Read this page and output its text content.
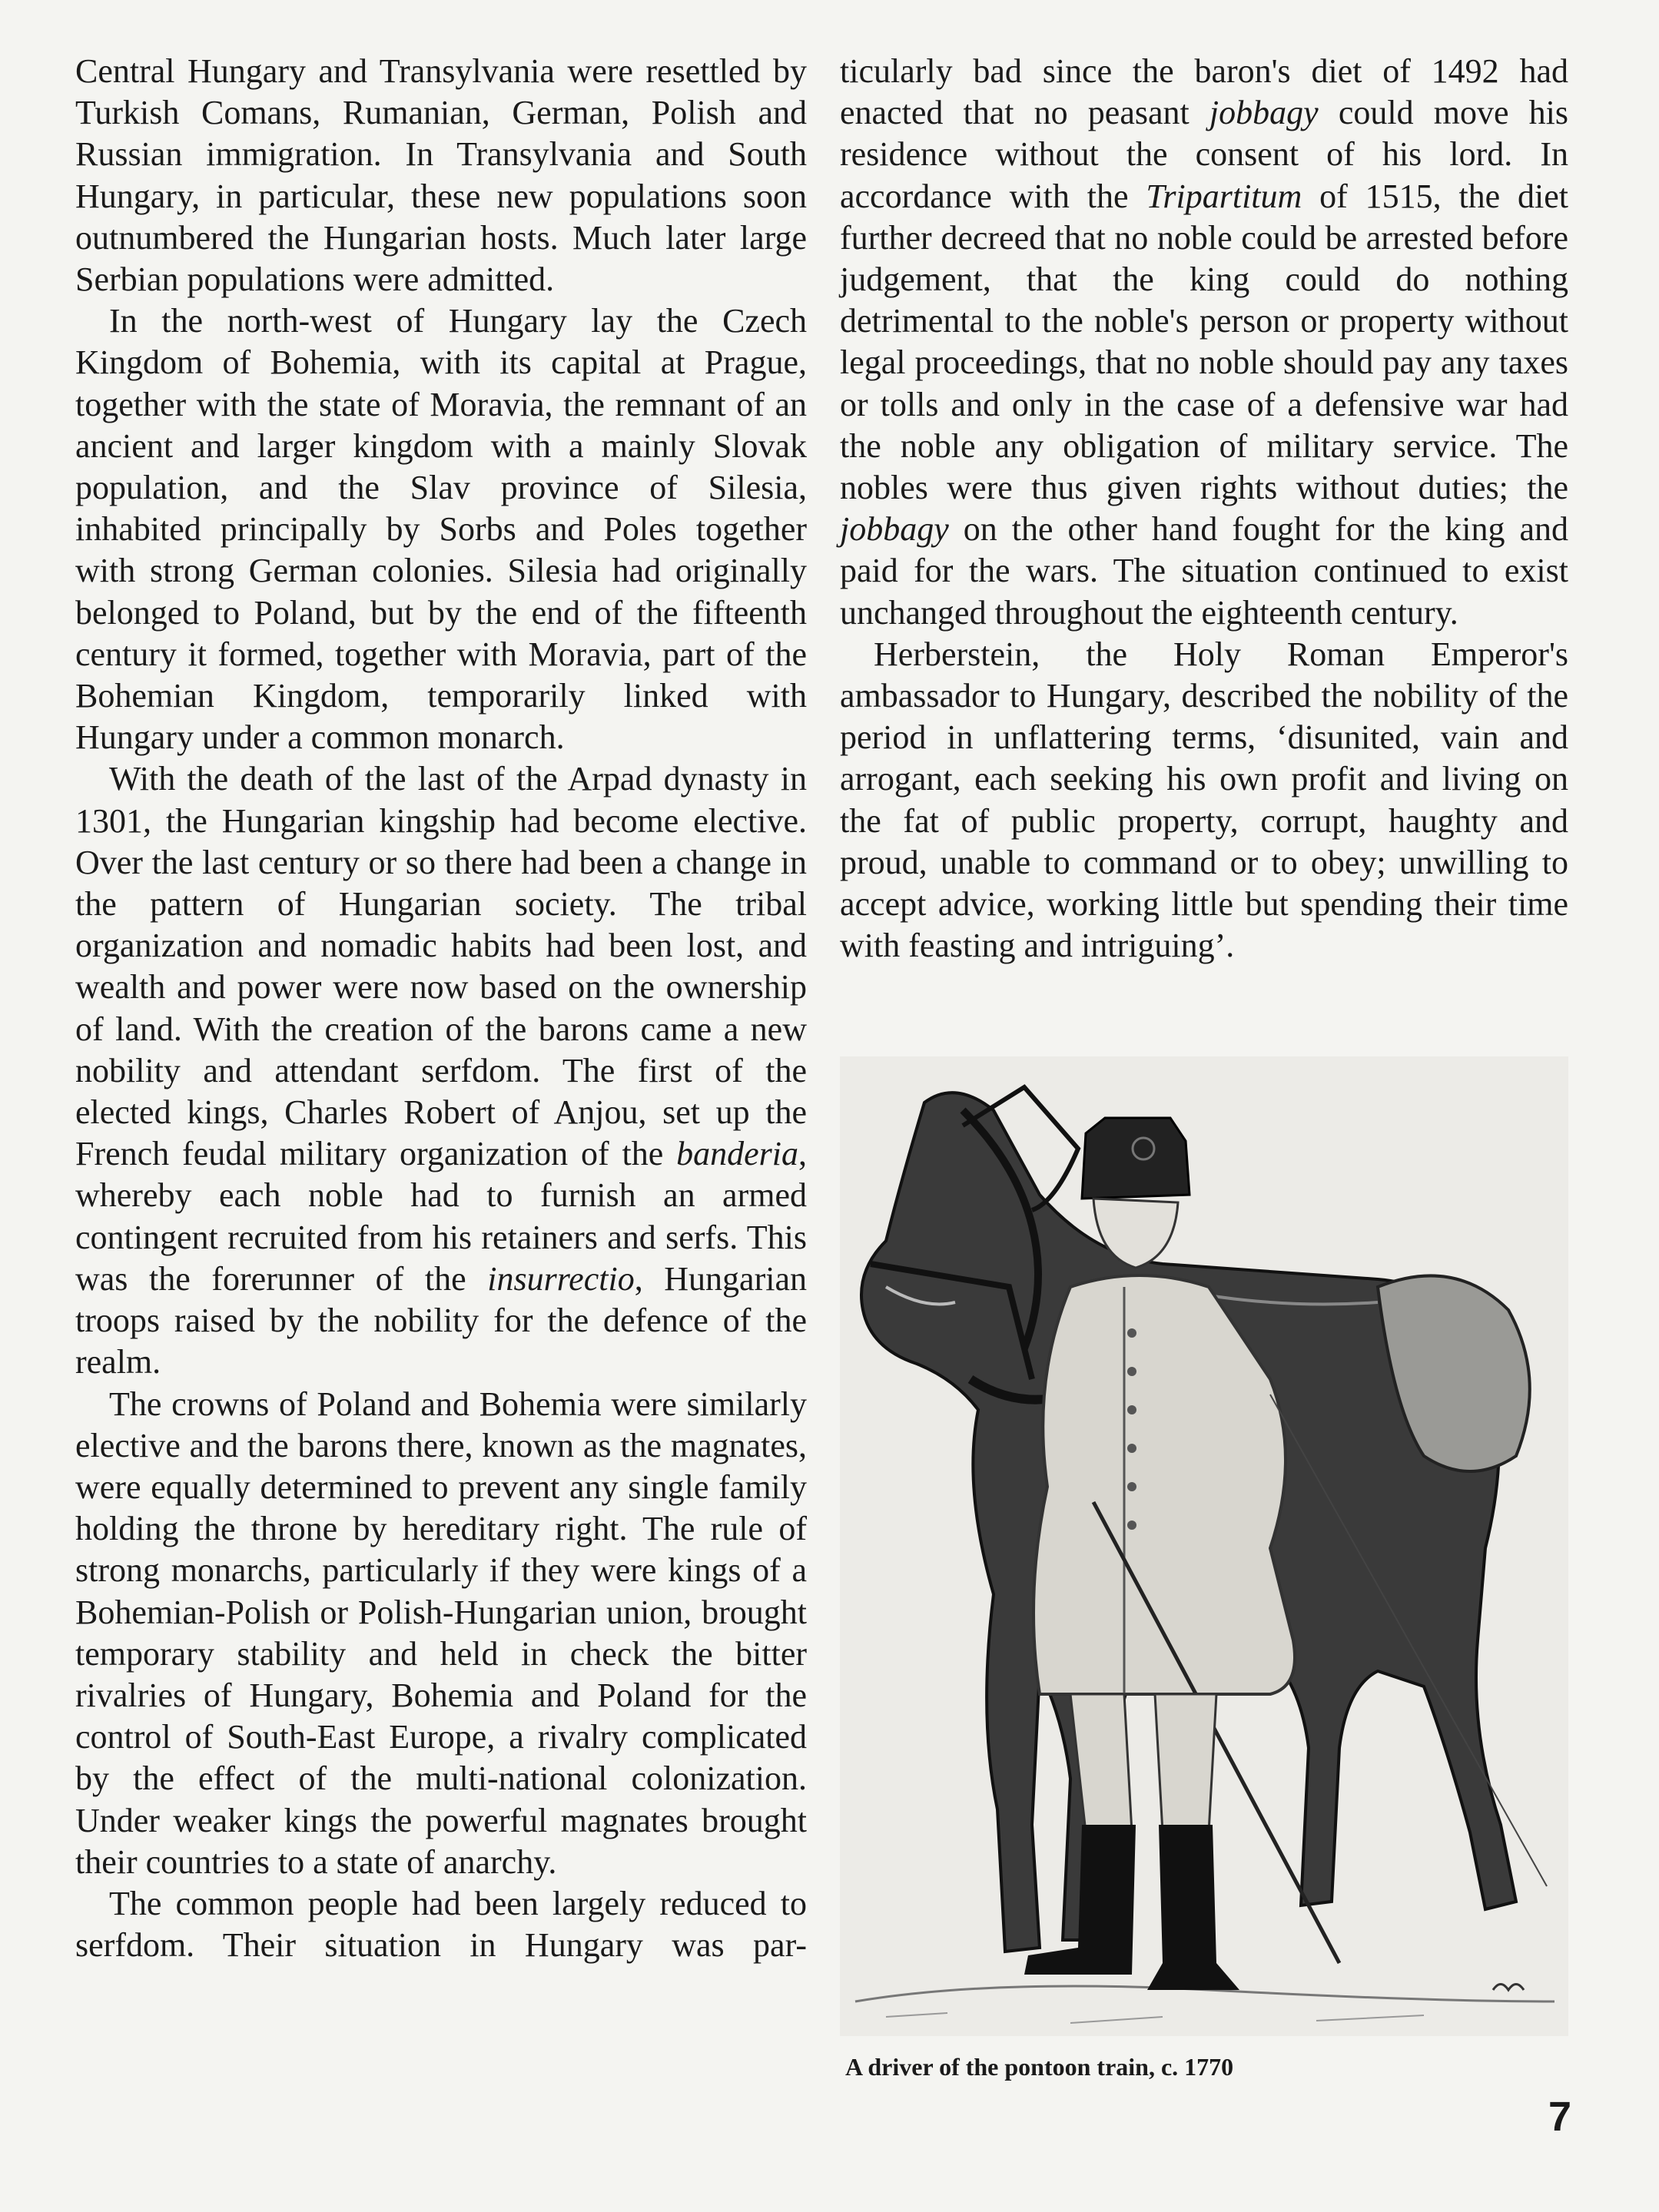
Central Hungary and Transylvania were resettled by Turkish Comans, Rumanian, German, Polish and Russian immigration. In Transylvania and South Hungary, in particular, these new populations soon outnumbered the Hungarian hosts. Much later large Serbian populations were admitted.

In the north-west of Hungary lay the Czech Kingdom of Bohemia, with its capital at Prague, together with the state of Moravia, the remnant of an ancient and larger kingdom with a mainly Slovak population, and the Slav province of Silesia, inhabited principally by Sorbs and Poles together with strong German colonies. Silesia had originally belonged to Poland, but by the end of the fifteenth century it formed, together with Moravia, part of the Bohemian Kingdom, temporarily linked with Hungary under a common monarch.

With the death of the last of the Arpad dynasty in 1301, the Hungarian kingship had become elective. Over the last century or so there had been a change in the pattern of Hungarian society. The tribal organization and nomadic habits had been lost, and wealth and power were now based on the ownership of land. With the creation of the barons came a new nobility and attendant serfdom. The first of the elected kings, Charles Robert of Anjou, set up the French feudal military organization of the banderia, whereby each noble had to furnish an armed contingent recruited from his retainers and serfs. This was the forerunner of the insurrectio, Hungarian troops raised by the nobility for the defence of the realm.

The crowns of Poland and Bohemia were similarly elective and the barons there, known as the magnates, were equally determined to prevent any single family holding the throne by hereditary right. The rule of strong monarchs, particularly if they were kings of a Bohemian-Polish or Polish-Hungarian union, brought temporary stability and held in check the bitter rivalries of Hungary, Bohemia and Poland for the control of South-East Europe, a rivalry complicated by the effect of the multi-national colonization. Under weaker kings the powerful magnates brought their countries to a state of anarchy.

The common people had been largely reduced to serfdom. Their situation in Hungary was par-

ticularly bad since the baron's diet of 1492 had enacted that no peasant jobbagy could move his residence without the consent of his lord. In accordance with the Tripartitum of 1515, the diet further decreed that no noble could be arrested before judgement, that the king could do nothing detrimental to the noble's person or property without legal proceedings, that no noble should pay any taxes or tolls and only in the case of a defensive war had the noble any obligation of military service. The nobles were thus given rights without duties; the jobbagy on the other hand fought for the king and paid for the wars. The situation continued to exist unchanged throughout the eighteenth century.

Herberstein, the Holy Roman Emperor's ambassador to Hungary, described the nobility of the period in unflattering terms, ‘disunited, vain and arrogant, each seeking his own profit and living on the fat of public property, corrupt, haughty and proud, unable to command or to obey; unwilling to accept advice, working little but spending their time with feasting and intriguing’.

A driver of the pontoon train, c. 1770
7
